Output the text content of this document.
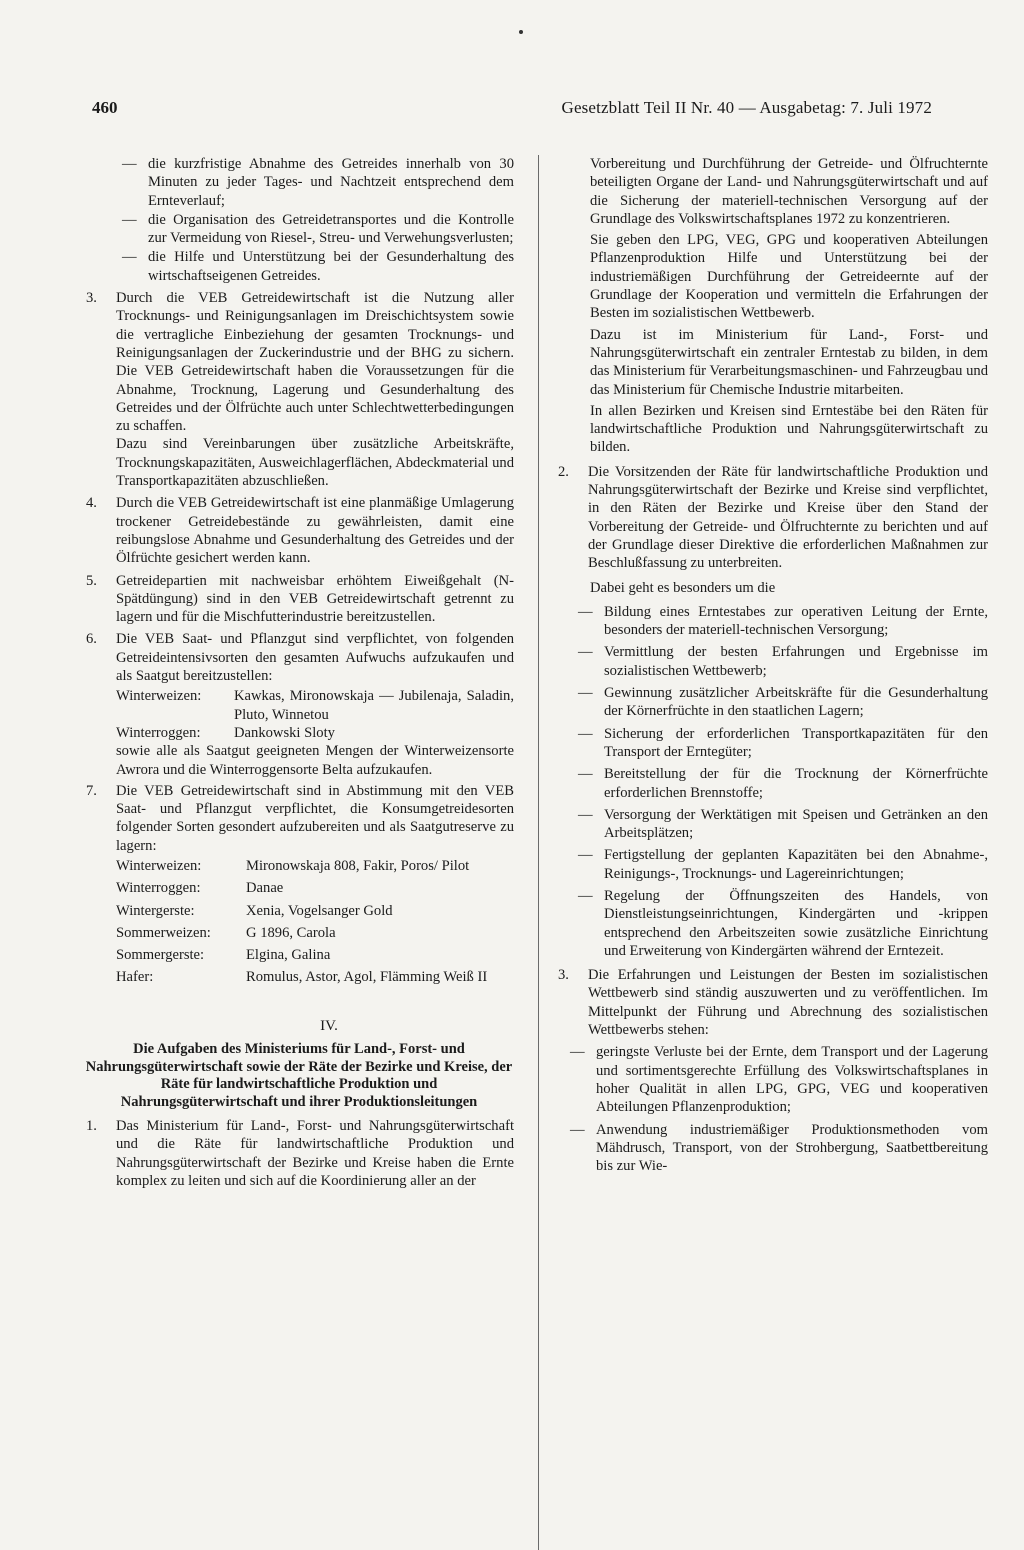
460	Gesetzblatt Teil II Nr. 40 — Ausgabetag: 7. Juli 1972
— die kurzfristige Abnahme des Getreides innerhalb von 30 Minuten zu jeder Tages- und Nachtzeit entsprechend dem Ernteverlauf;
— die Organisation des Getreidetransportes und die Kontrolle zur Vermeidung von Riesel-, Streu- und Verwehungsverlusten;
— die Hilfe und Unterstützung bei der Gesunderhaltung des wirtschaftseigenen Getreides.
3. Durch die VEB Getreidewirtschaft ist die Nutzung aller Trocknungs- und Reinigungsanlagen im Dreischichtsystem sowie die vertragliche Einbeziehung der gesamten Trocknungs- und Reinigungsanlagen der Zuckerindustrie und der BHG zu sichern. Die VEB Getreidewirtschaft haben die Voraussetzungen für die Abnahme, Trocknung, Lagerung und Gesunderhaltung des Getreides und der Ölfrüchte auch unter Schlechtwetterbedingungen zu schaffen.
Dazu sind Vereinbarungen über zusätzliche Arbeitskräfte, Trocknungskapazitäten, Ausweichlagerflächen, Abdeckmaterial und Transportkapazitäten abzuschließen.
4. Durch die VEB Getreidewirtschaft ist eine planmäßige Umlagerung trockener Getreidebestände zu gewährleisten, damit eine reibungslose Abnahme und Gesunderhaltung des Getreides und der Ölfrüchte gesichert werden kann.
5. Getreidepartien mit nachweisbar erhöhtem Eiweißgehalt (N-Spätdüngung) sind in den VEB Getreidewirtschaft getrennt zu lagern und für die Mischfutterindustrie bereitzustellen.
6. Die VEB Saat- und Pflanzgut sind verpflichtet, von folgenden Getreideintensivsorten den gesamten Aufwuchs aufzukaufen und als Saatgut bereitzustellen:
Winterweizen:	Kawkas, Mironowskaja — Jubilenaja, Saladin, Pluto, Winnetou
Winterroggen:	Dankowski Sloty
sowie alle als Saatgut geeigneten Mengen der Winterweizensorte Awrora und die Winterroggensorte Belta aufzukaufen.
7. Die VEB Getreidewirtschaft sind in Abstimmung mit den VEB Saat- und Pflanzgut verpflichtet, die Konsumgetreidesorten folgender Sorten gesondert aufzubereiten und als Saatgutreserve zu lagern:
Winterweizen:	Mironowskaja 808, Fakir, Poros/ Pilot
Winterroggen:	Danae
Wintergerste:	Xenia, Vogelsanger Gold
Sommerweizen:	G 1896, Carola
Sommergerste:	Elgina, Galina
Hafer:	Romulus, Astor, Agol, Flämming Weiß II
IV.
Die Aufgaben des Ministeriums für Land-, Forst- und Nahrungsgüterwirtschaft sowie der Räte der Bezirke und Kreise, der Räte für landwirtschaftliche Produktion und Nahrungsgüterwirtschaft und ihrer Produktionsleitungen
1. Das Ministerium für Land-, Forst- und Nahrungsgüterwirtschaft und die Räte für landwirtschaftliche Produktion und Nahrungsgüterwirtschaft der Bezirke und Kreise haben die Ernte komplex zu leiten und sich auf die Koordinierung aller an der
Vorbereitung und Durchführung der Getreide- und Ölfruchternte beteiligten Organe der Land- und Nahrungsgüterwirtschaft und auf die Sicherung der materiell-technischen Versorgung auf der Grundlage des Volkswirtschaftsplanes 1972 zu konzentrieren.
Sie geben den LPG, VEG, GPG und kooperativen Abteilungen Pflanzenproduktion Hilfe und Unterstützung bei der industriemäßigen Durchführung der Getreideernte auf der Grundlage der Kooperation und vermitteln die Erfahrungen der Besten im sozialistischen Wettbewerb.
Dazu ist im Ministerium für Land-, Forst- und Nahrungsgüterwirtschaft ein zentraler Erntestab zu bilden, in dem das Ministerium für Verarbeitungsmaschinen- und Fahrzeugbau und das Ministerium für Chemische Industrie mitarbeiten.
In allen Bezirken und Kreisen sind Erntestäbe bei den Räten für landwirtschaftliche Produktion und Nahrungsgüterwirtschaft zu bilden.
2. Die Vorsitzenden der Räte für landwirtschaftliche Produktion und Nahrungsgüterwirtschaft der Bezirke und Kreise sind verpflichtet, in den Räten der Bezirke und Kreise über den Stand der Vorbereitung der Getreide- und Ölfruchternte zu berichten und auf der Grundlage dieser Direktive die erforderlichen Maßnahmen zur Beschlußfassung zu unterbreiten.
Dabei geht es besonders um die
— Bildung eines Erntestabes zur operativen Leitung der Ernte, besonders der materiell-technischen Versorgung;
— Vermittlung der besten Erfahrungen und Ergebnisse im sozialistischen Wettbewerb;
— Gewinnung zusätzlicher Arbeitskräfte für die Gesunderhaltung der Körnerfrüchte in den staatlichen Lagern;
— Sicherung der erforderlichen Transportkapazitäten für den Transport der Erntegüter;
— Bereitstellung der für die Trocknung der Körnerfrüchte erforderlichen Brennstoffe;
— Versorgung der Werktätigen mit Speisen und Getränken an den Arbeitsplätzen;
— Fertigstellung der geplanten Kapazitäten bei den Abnahme-, Reinigungs-, Trocknungs- und Lagereinrichtungen;
— Regelung der Öffnungszeiten des Handels, von Dienstleistungseinrichtungen, Kindergärten und -krippen entsprechend den Arbeitszeiten sowie zusätzliche Einrichtung und Erweiterung von Kindergärten während der Erntezeit.
3. Die Erfahrungen und Leistungen der Besten im sozialistischen Wettbewerb sind ständig auszuwerten und zu veröffentlichen. Im Mittelpunkt der Führung und Abrechnung des sozialistischen Wettbewerbs stehen:
— geringste Verluste bei der Ernte, dem Transport und der Lagerung und sortimentsgerechte Erfüllung des Volkswirtschaftsplanes in hoher Qualität in allen LPG, GPG, VEG und kooperativen Abteilungen Pflanzenproduktion;
— Anwendung industriemäßiger Produktionsmethoden vom Mähdrusch, Transport, von der Strohbergung, Saatbettbereitung bis zur Wie-
